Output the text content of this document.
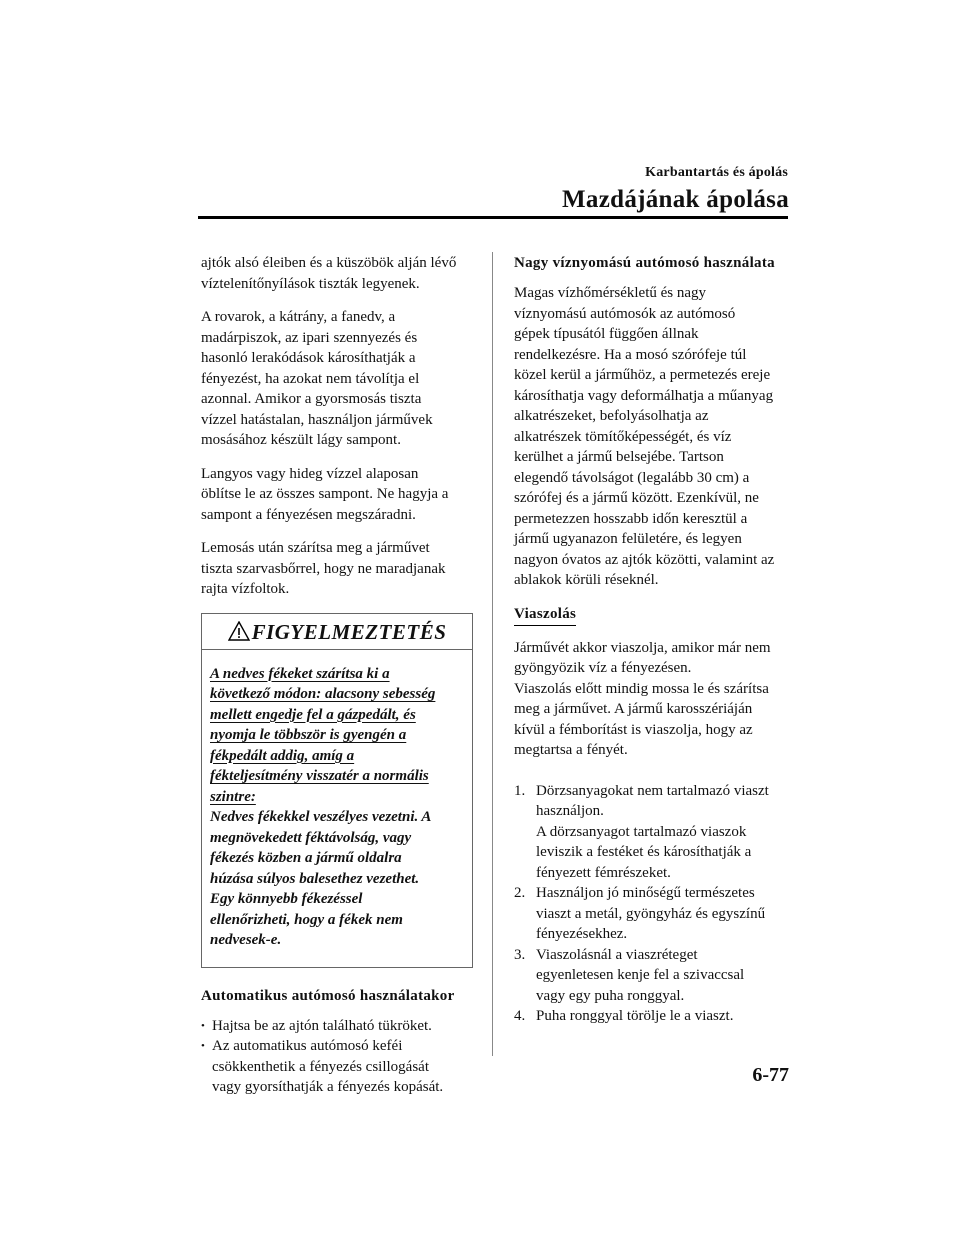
Karbantartás és ápolás
Mazdájának ápolása

ajtók alsó éleiben és a küszöbök alján lévő
víztelenítőnyílások tiszták legyenek.

A rovarok, a kátrány, a fanedv, a
madárpiszok, az ipari szennyezés és
hasonló lerakódások károsíthatják a
fényezést, ha azokat nem távolítja el
azonnal. Amikor a gyorsmosás tiszta
vízzel hatástalan, használjon járművek
mosásához készült lágy sampont.

Langyos vagy hideg vízzel alaposan
öblítse le az összes sampont. Ne hagyja a
sampont a fényezésen megszáradni.

Lemosás után szárítsa meg a járművet
tiszta szarvasbőrrel, hogy ne maradjanak
rajta vízfoltok.

FIGYELMEZTETÉS
A nedves fékeket szárítsa ki a
következő módon: alacsony sebesség
mellett engedje fel a gázpedált, és
nyomja le többször is gyengén a
fékpedált addig, amíg a
fékteljesítmény visszatér a normális
szintre:
Nedves fékekkel veszélyes vezetni. A
megnövekedett féktávolság, vagy
fékezés közben a jármű oldalra
húzása súlyos balesethez vezethet.
Egy könnyebb fékezéssel
ellenőrizheti, hogy a fékek nem
nedvesek-e.
Automatikus autómosó használatakor
• Hajtsa be az ajtón található tükröket.
• Az automatikus autómosó keféi
csökkenthetik a fényezés csillogását
vagy gyorsíthatják a fényezés kopását.
Nagy víznyomású autómosó használata

Magas vízhőmérsékletű és nagy
víznyomású autómosók az autómosó
gépek típusától függően állnak
rendelkezésre. Ha a mosó szórófeje túl
közel kerül a járműhöz, a permetezés ereje
károsíthatja vagy deformálhatja a műanyag
alkatrészeket, befolyásolhatja az
alkatrészek tömítőképességét, és víz
kerülhet a jármű belsejébe. Tartson
elegendő távolságot (legalább 30 cm) a
szórófej és a jármű között. Ezenkívül, ne
permetezzen hosszabb időn keresztül a
jármű ugyanazon felületére, és legyen
nagyon óvatos az ajtók közötti, valamint az
ablakok körüli réseknél.

Viaszolás

Járművét akkor viaszolja, amikor már nem
gyöngyözik víz a fényezésen.
Viaszolás előtt mindig mossa le és szárítsa
meg a járművet. A jármű karosszériáján
kívül a fémborítást is viaszolja, hogy az
megtartsa a fényét.

1. Dörzsanyagokat nem tartalmazó viaszt
használjon.
A dörzsanyagot tartalmazó viaszok
leviszik a festéket és károsíthatják a
fényezett fémrészeket.
2. Használjon jó minőségű természetes
viaszt a metál, gyöngyház és egyszínű
fényezésekhez.
3. Viaszolásnál a viaszréteget
egyenletesen kenje fel a szivaccsal
vagy egy puha ronggyal.
4. Puha ronggyal törölje le a viaszt.
6-77
